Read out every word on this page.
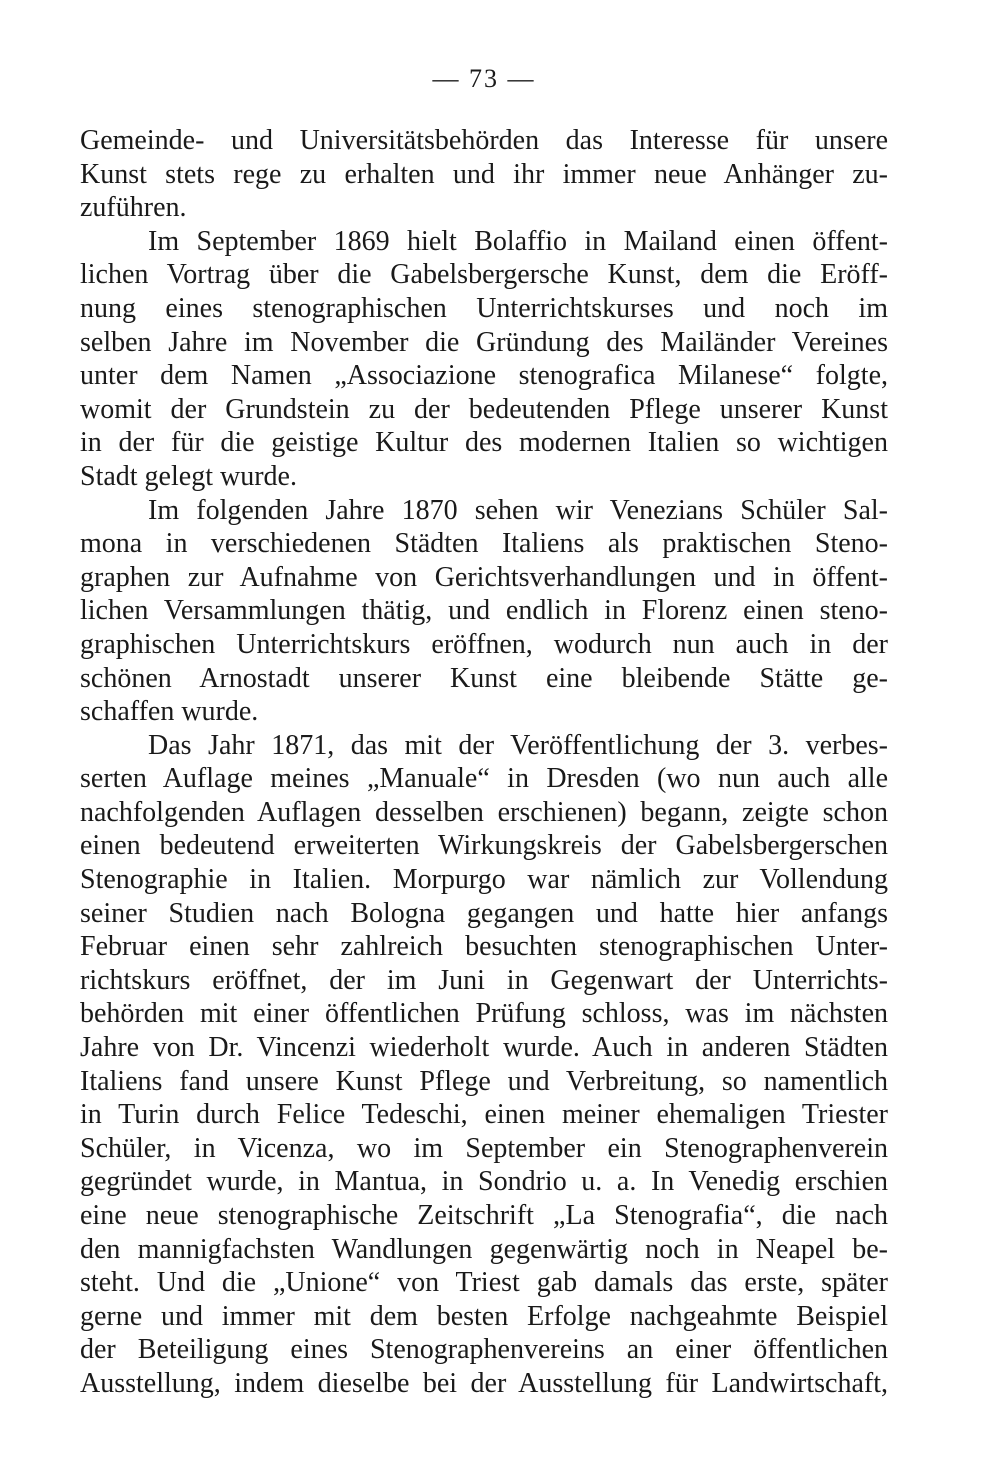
— 73 —
Gemeinde- und Universitätsbehörden das Interesse für unsere
Kunst stets rege zu erhalten und ihr immer neue Anhänger zu-
zuführen.
Im September 1869 hielt Bolaffio in Mailand einen öffent-
lichen Vortrag über die Gabelsbergersche Kunst, dem die Eröff-
nung eines stenographischen Unterrichtskurses und noch im
selben Jahre im November die Gründung des Mailänder Vereines
unter dem Namen „Associazione stenografica Milanese“ folgte,
womit der Grundstein zu der bedeutenden Pflege unserer Kunst
in der für die geistige Kultur des modernen Italien so wichtigen
Stadt gelegt wurde.
Im folgenden Jahre 1870 sehen wir Venezians Schüler Sal-
mona in verschiedenen Städten Italiens als praktischen Steno-
graphen zur Aufnahme von Gerichtsverhandlungen und in öffent-
lichen Versammlungen thätig, und endlich in Florenz einen steno-
graphischen Unterrichtskurs eröffnen, wodurch nun auch in der
schönen Arnostadt unserer Kunst eine bleibende Stätte ge-
schaffen wurde.
Das Jahr 1871, das mit der Veröffentlichung der 3. verbes-
serten Auflage meines „Manuale“ in Dresden (wo nun auch alle
nachfolgenden Auflagen desselben erschienen) begann, zeigte schon
einen bedeutend erweiterten Wirkungskreis der Gabelsbergerschen
Stenographie in Italien. Morpurgo war nämlich zur Vollendung
seiner Studien nach Bologna gegangen und hatte hier anfangs
Februar einen sehr zahlreich besuchten stenographischen Unter-
richtskurs eröffnet, der im Juni in Gegenwart der Unterrichts-
behörden mit einer öffentlichen Prüfung schloss, was im nächsten
Jahre von Dr. Vincenzi wiederholt wurde. Auch in anderen Städten
Italiens fand unsere Kunst Pflege und Verbreitung, so namentlich
in Turin durch Felice Tedeschi, einen meiner ehemaligen Triester
Schüler, in Vicenza, wo im September ein Stenographenverein
gegründet wurde, in Mantua, in Sondrio u. a. In Venedig erschien
eine neue stenographische Zeitschrift „La Stenografia“, die nach
den mannigfachsten Wandlungen gegenwärtig noch in Neapel be-
steht. Und die „Unione“ von Triest gab damals das erste, später
gerne und immer mit dem besten Erfolge nachgeahmte Beispiel
der Beteiligung eines Stenographenvereins an einer öffentlichen
Ausstellung, indem dieselbe bei der Ausstellung für Landwirtschaft,
